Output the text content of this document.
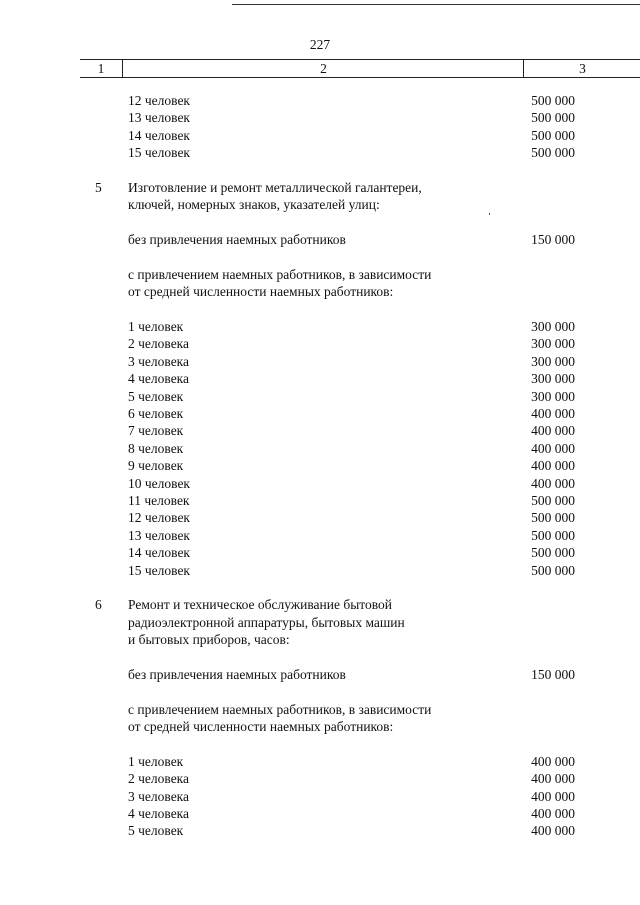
227
1	2	3
12 человек	500 000
13 человек	500 000
14 человек	500 000
15 человек	500 000
5 Изготовление и ремонт металлической галантереи,
ключей, номерных знаков, указателей улиц:
без привлечения наемных работников	150 000
с привлечением наемных работников, в зависимости
от средней численности наемных работников:
1 человек	300 000
2 человека	300 000
3 человека	300 000
4 человека	300 000
5 человек	300 000
6 человек	400 000
7 человек	400 000
8 человек	400 000
9 человек	400 000
10 человек	400 000
11 человек	500 000
12 человек	500 000
13 человек	500 000
14 человек	500 000
15 человек	500 000
6 Ремонт и техническое обслуживание бытовой
радиоэлектронной аппаратуры, бытовых машин
и бытовых приборов, часов:
без привлечения наемных работников	150 000
с привлечением наемных работников, в зависимости
от средней численности наемных работников:
1 человек	400 000
2 человека	400 000
3 человека	400 000
4 человека	400 000
5 человек	400 000
